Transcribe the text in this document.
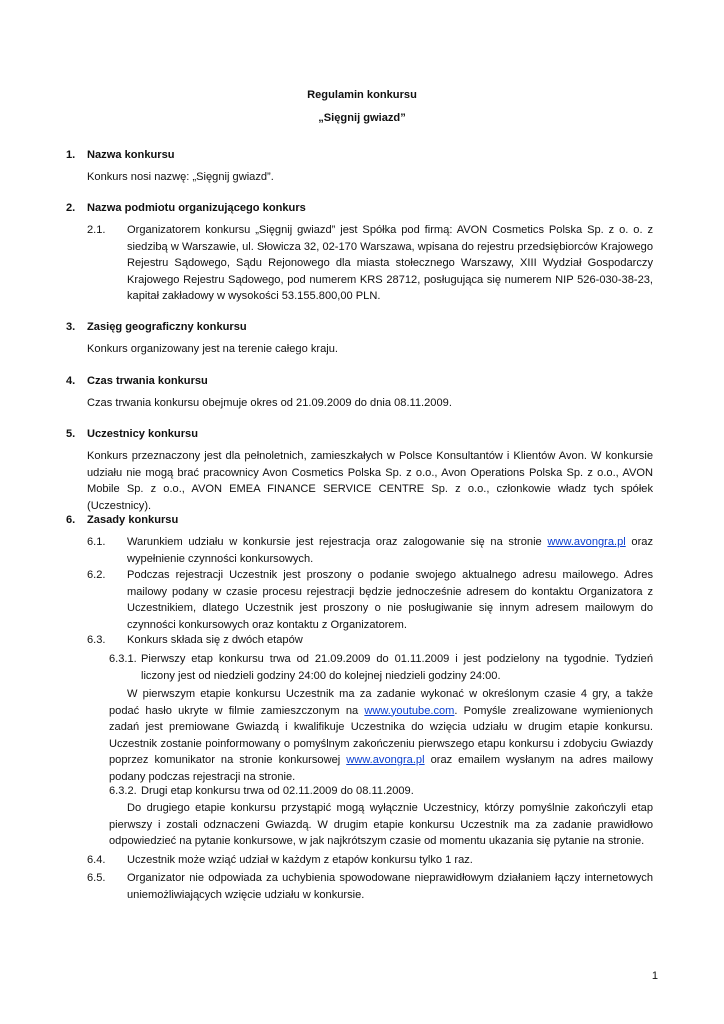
Regulamin konkursu
„Sięgnij gwiazd”
1. Nazwa konkursu
Konkurs nosi nazwę: „Sięgnij gwiazd”.
2. Nazwa podmiotu organizującego konkurs
2.1. Organizatorem konkursu „Sięgnij gwiazd” jest Spółka pod firmą: AVON Cosmetics Polska Sp. z o. o. z siedzibą w Warszawie, ul. Słowicza 32, 02-170 Warszawa, wpisana do rejestru przedsiębiorców Krajowego Rejestru Sądowego, Sądu Rejonowego dla miasta stołecznego Warszawy, XIII Wydział Gospodarczy Krajowego Rejestru Sądowego, pod numerem KRS 28712, posługująca się numerem NIP 526-030-38-23, kapitał zakładowy w wysokości 53.155.800,00 PLN.
3. Zasięg geograficzny konkursu
Konkurs organizowany jest na terenie całego kraju.
4. Czas trwania konkursu
Czas trwania konkursu obejmuje okres od 21.09.2009 do dnia 08.11.2009.
5. Uczestnicy konkursu
Konkurs przeznaczony jest dla pełnoletnich, zamieszkałych w Polsce Konsultantów i Klientów Avon. W konkursie udziału nie mogą brać pracownicy Avon Cosmetics Polska Sp. z o.o., Avon Operations Polska Sp. z o.o., AVON Mobile Sp. z o.o., AVON EMEA FINANCE SERVICE CENTRE Sp. z o.o., członkowie władz tych spółek (Uczestnicy).
6. Zasady konkursu
6.1. Warunkiem udziału w konkursie jest rejestracja oraz zalogowanie się na stronie www.avongra.pl oraz wypełnienie czynności konkursowych.
6.2. Podczas rejestracji Uczestnik jest proszony o podanie swojego aktualnego adresu mailowego. Adres mailowy podany w czasie procesu rejestracji będzie jednocześnie adresem do kontaktu Organizatora z Uczestnikiem, dlatego Uczestnik jest proszony o nie posługiwanie się innym adresem mailowym do czynności konkursowych oraz kontaktu z Organizatorem.
6.3. Konkurs składa się z dwóch etapów
6.3.1. Pierwszy etap konkursu trwa od 21.09.2009 do 01.11.2009 i jest podzielony na tygodnie. Tydzień liczony jest od niedzieli godziny 24:00 do kolejnej niedzieli godziny 24:00.
W pierwszym etapie konkursu Uczestnik ma za zadanie wykonać w określonym czasie 4 gry, a także podać hasło ukryte w filmie zamieszczonym na www.youtube.com. Pomyśle zrealizowane wymienionych zadań jest premiowane Gwiazdą i kwalifikuje Uczestnika do wzięcia udziału w drugim etapie konkursu. Uczestnik zostanie poinformowany o pomyślnym zakończeniu pierwszego etapu konkursu i zdobyciu Gwiazdy poprzez komunikator na stronie konkursowej www.avongra.pl oraz emailem wysłanym na adres mailowy podany podczas rejestracji na stronie.
6.3.2. Drugi etap konkursu trwa od 02.11.2009 do 08.11.2009.
Do drugiego etapie konkursu przystąpić mogą wyłącznie Uczestnicy, którzy pomyślnie zakończyli etap pierwszy i zostali odznaczeni Gwiazdą. W drugim etapie konkursu Uczestnik ma za zadanie prawidłowo odpowiedzieć na pytanie konkursowe, w jak najkrótszym czasie od momentu ukazania się pytanie na stronie.
6.4. Uczestnik może wziąć udział w każdym z etapów konkursu tylko 1 raz.
6.5. Organizator nie odpowiada za uchybienia spowodowane nieprawidłowym działaniem łączy internetowych uniemożliwiających wzięcie udziału w konkursie.
1
